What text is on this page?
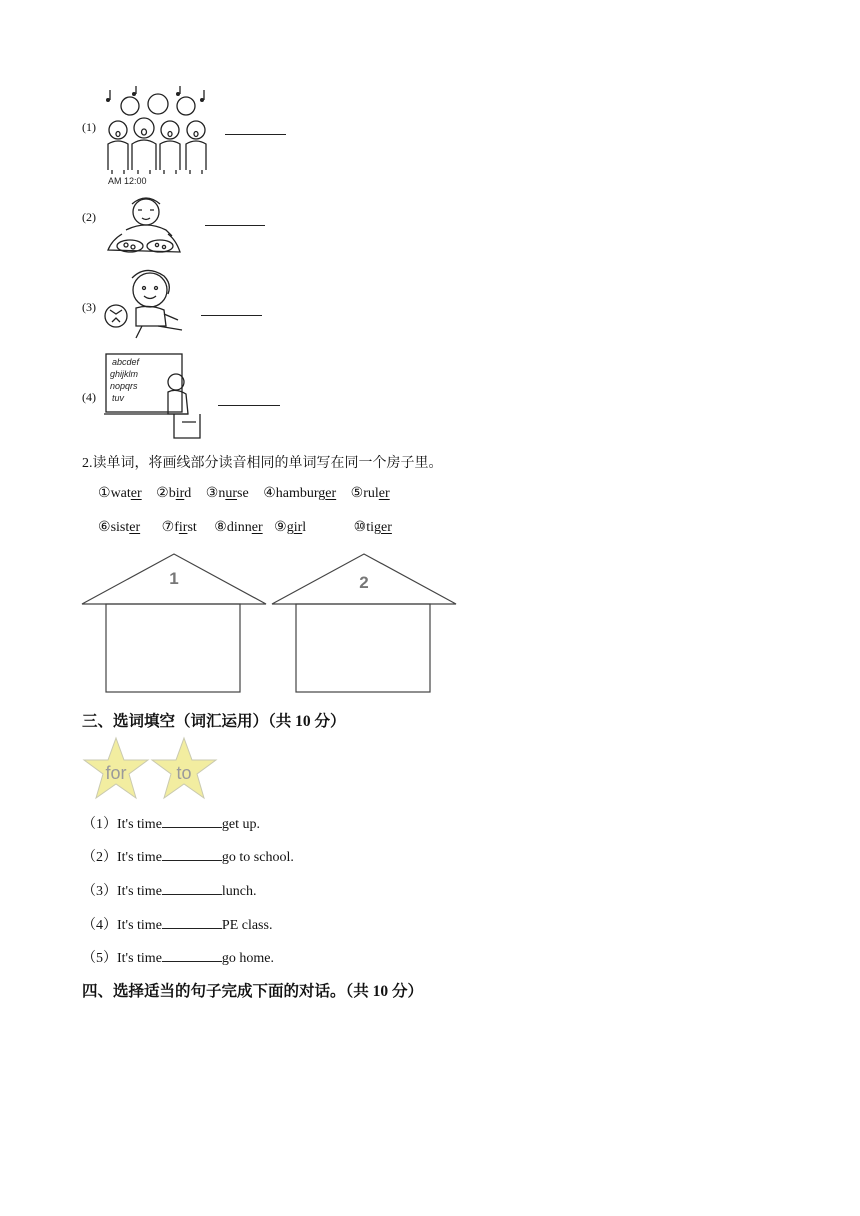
(1)
AM 12:00
(2)
(3)
(4)
abcdef
ghijklm
nopqrs
tuv
2.读单词，将画线部分读音相同的单词写在同一个房子里。
①water ②bird ③nurse ④hamburger ⑤ruler
⑥sister ⑦first ⑧dinner ⑨girl	⑩tiger
1	2
三、选词填空（词汇运用）（共 10 分）
for	to
（1）It's time	get up.
（2）It's time	go to school.
（3）It's time	lunch.
（4）It's time	PE class.
（5）It's time	go home.
四、选择适当的句子完成下面的对话。（共 10 分）
